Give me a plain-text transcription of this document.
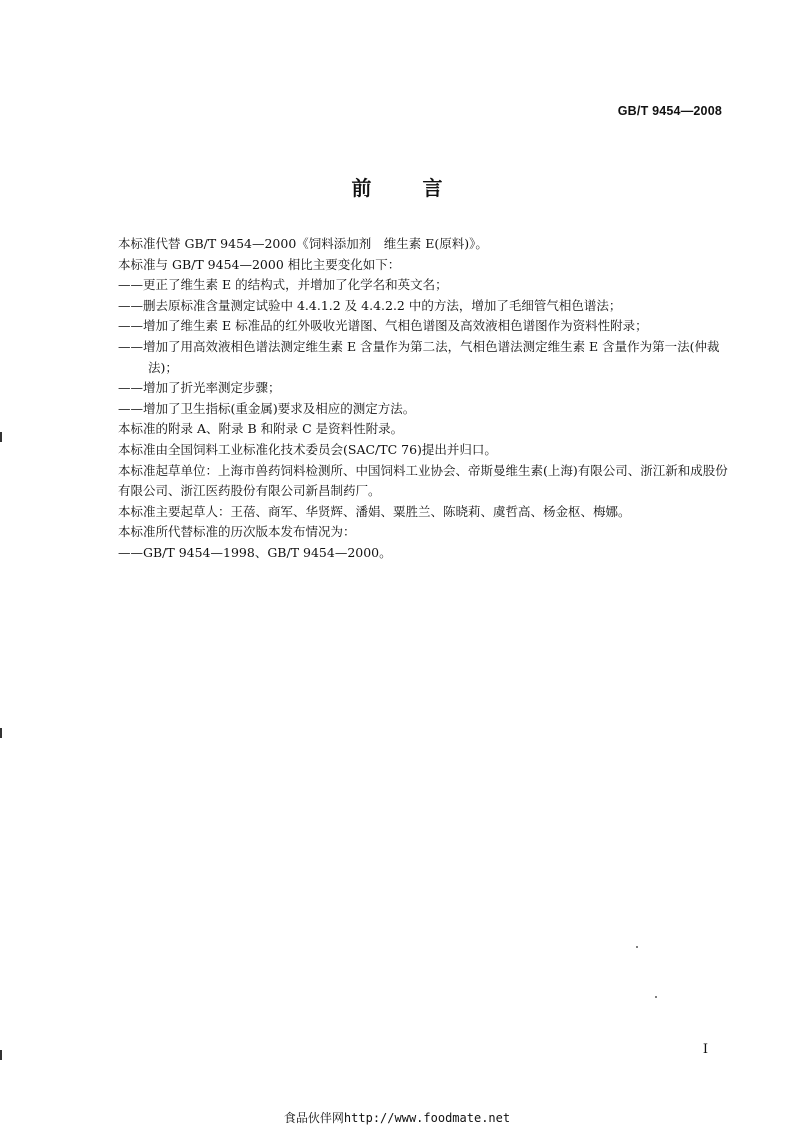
GB/T 9454—2008
前 言

本标准代替 GB/T 9454—2000《饲料添加剂　维生素 E(原料)》。

本标准与 GB/T 9454—2000 相比主要变化如下：

——更正了维生素 E 的结构式，并增加了化学名和英文名；

——删去原标准含量测定试验中 4.4.1.2 及 4.4.2.2 中的方法，增加了毛细管气相色谱法；

——增加了维生素 E 标准品的红外吸收光谱图、气相色谱图及高效液相色谱图作为资料性附录；

——增加了用高效液相色谱法测定维生素 E 含量作为第二法，气相色谱法测定维生素 E 含量作为第一法(仲裁法)；

——增加了折光率测定步骤；

——增加了卫生指标(重金属)要求及相应的测定方法。

本标准的附录 A、附录 B 和附录 C 是资料性附录。

本标准由全国饲料工业标准化技术委员会(SAC/TC 76)提出并归口。

本标准起草单位：上海市兽药饲料检测所、中国饲料工业协会、帝斯曼维生素(上海)有限公司、浙江新和成股份有限公司、浙江医药股份有限公司新昌制药厂。

本标准主要起草人：王蓓、商军、华贤辉、潘娟、粟胜兰、陈晓莉、虞哲高、杨金枢、梅娜。

本标准所代替标准的历次版本发布情况为：

——GB/T 9454—1998、GB/T 9454—2000。

I
食品伙伴网http://www.foodmate.net
